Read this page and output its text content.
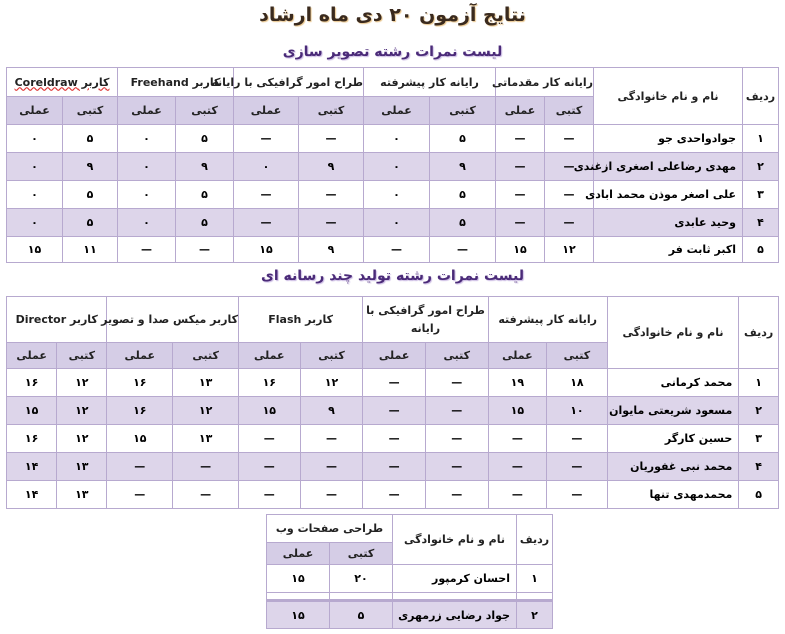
نتایج آزمون ۲۰ دی ماه ارشاد
لیست نمرات رشته تصویر سازی
ردیف	نام و نام خانوادگی	رایانه کار مقدماتی		رایانه کار پیشرفته		طراح امور گرافیکی با رایانه		کاربر Freehand		کاربر Coreldraw	
		کتبی	عملی	کتبی	عملی	کتبی	عملی	کتبی	عملی	کتبی	عملی
۱	جوادواحدی جو	—	—	۵	۰	—	—	۵	۰	۵	۰
۲	مهدی رضاعلی اصغری ازغندی	—	—	۹	۰	۹	۰	۹	۰	۹	۰
۳	علی اصغر موذن محمد ابادی	—	—	۵	۰	—	—	۵	۰	۵	۰
۴	وحید عابدی	—	—	۵	۰	—	—	۵	۰	۵	۰
۵	اکبر ثابت فر	۱۲	۱۵	—	—	۹	۱۵	—	—	۱۱	۱۵
لیست نمرات رشته تولید چند رسانه ای
ردیف	نام و نام خانوادگی	رایانه کار پیشرفته		طراح امور گرافیکی با رایانه		کاربر Flash		کاربر میکس صدا و تصویر		کاربر Director	
		کتبی	عملی	کتبی	عملی	کتبی	عملی	کتبی	عملی	کتبی	عملی
۱	محمد کرمانی	۱۸	۱۹	—	—	۱۲	۱۶	۱۳	۱۶	۱۲	۱۶
۲	مسعود شریعتی مایوان	۱۰	۱۵	—	—	۹	۱۵	۱۲	۱۶	۱۲	۱۵
۳	حسین کارگر	—	—	—	—	—	—	۱۳	۱۵	۱۲	۱۶
۴	محمد نبی غفوریان	—	—	—	—	—	—	—	—	۱۳	۱۴
۵	محمدمهدی تنها	—	—	—	—	—	—	—	—	۱۳	۱۴
ردیف	نام و نام خانوادگی	طراحی صفحات وب	
		کتبی	عملی
۱	احسان کرمپور	۲۰	۱۵

۲	جواد رضایی زرمهری	۵	۱۵
